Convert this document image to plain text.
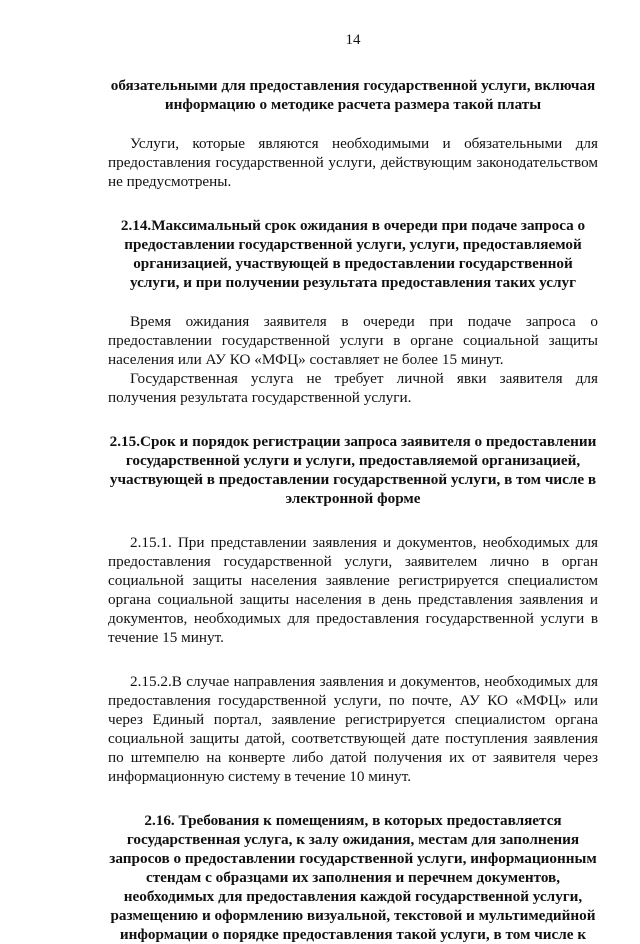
14

обязательными для предоставления государственной услуги, включая информацию о методике расчета размера такой платы

Услуги, которые являются необходимыми и обязательными для предоставления государственной услуги, действующим законодательством не предусмотрены.

2.14.Максимальный срок ожидания в очереди при подаче запроса о предоставлении государственной услуги, услуги, предоставляемой организацией, участвующей в предоставлении государственной услуги, и при получении результата предоставления таких услуг

Время ожидания заявителя в очереди при подаче запроса о предоставлении государственной услуги в органе социальной защиты населения или АУ КО «МФЦ» составляет не более 15 минут.

Государственная услуга не требует личной явки заявителя для получения результата государственной услуги.

2.15.Срок и порядок регистрации запроса заявителя о предоставлении государственной услуги и услуги, предоставляемой организацией, участвующей в предоставлении государственной услуги, в том числе в электронной форме

2.15.1. При представлении заявления и документов, необходимых для предоставления государственной услуги, заявителем лично в орган социальной защиты населения заявление регистрируется специалистом органа социальной защиты населения в день представления заявления и документов, необходимых для предоставления государственной услуги в течение 15 минут.

2.15.2.В случае направления заявления и документов, необходимых для предоставления государственной услуги, по почте, АУ КО «МФЦ» или через Единый портал, заявление регистрируется специалистом органа социальной защиты датой, соответствующей дате поступления заявления по штемпелю на конверте либо датой получения их от заявителя через информационную систему в течение 10 минут.

2.16. Требования к помещениям, в которых предоставляется государственная услуга, к залу ожидания, местам для заполнения запросов о предоставлении государственной услуги, информационным стендам с образцами их заполнения и перечнем документов, необходимых для предоставления каждой государственной услуги, размещению и оформлению визуальной, текстовой и мультимедийной информации о порядке предоставления такой услуги, в том числе к
